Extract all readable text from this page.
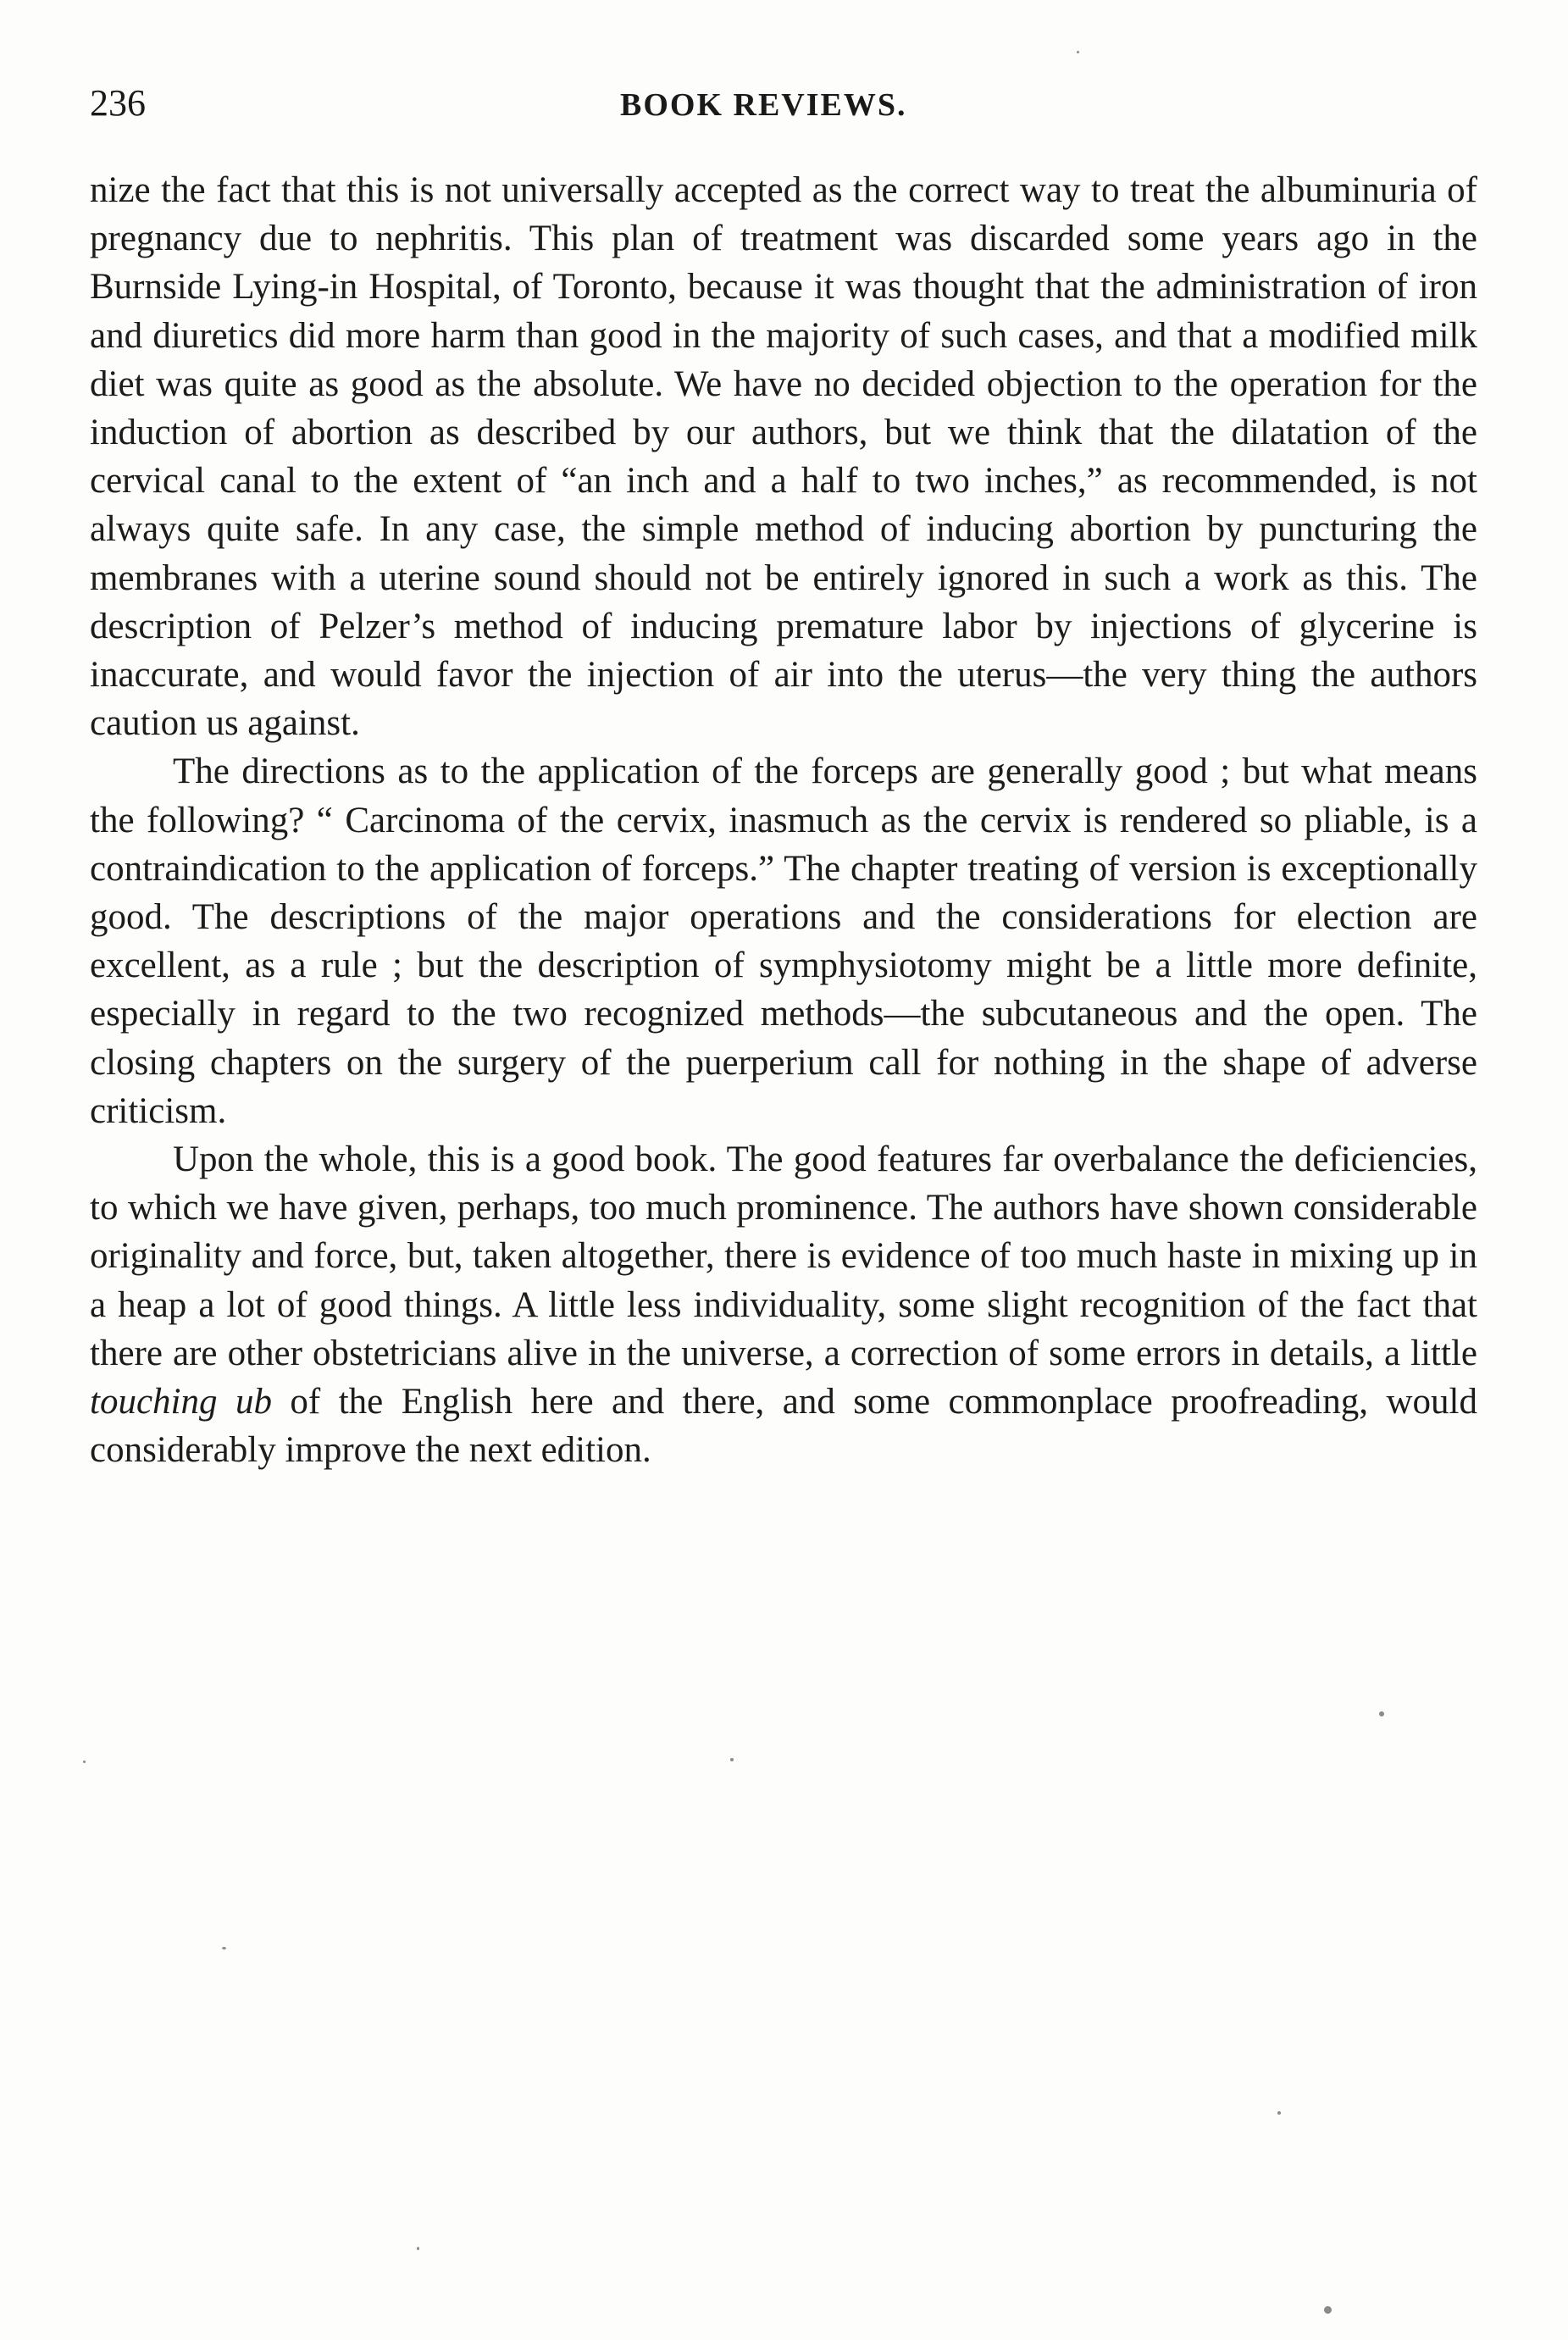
236	BOOK REVIEWS.

nize the fact that this is not universally accepted as the correct way to treat the albuminuria of pregnancy due to nephritis. This plan of treatment was discarded some years ago in the Burnside Lying-in Hospital, of Toronto, because it was thought that the administration of iron and diuretics did more harm than good in the majority of such cases, and that a modified milk diet was quite as good as the absolute. We have no decided objection to the operation for the induction of abortion as described by our authors, but we think that the dilatation of the cervical canal to the extent of “an inch and a half to two inches,” as recommended, is not always quite safe. In any case, the simple method of inducing abortion by puncturing the membranes with a uterine sound should not be entirely ignored in such a work as this. The description of Pelzer’s method of inducing premature labor by injections of glycerine is inaccurate, and would favor the injection of air into the uterus—the very thing the authors caution us against.

The directions as to the application of the forceps are generally good ; but what means the following? “ Carcinoma of the cervix, inasmuch as the cervix is rendered so pliable, is a contraindication to the application of forceps.” The chapter treating of version is exceptionally good. The descriptions of the major operations and the considerations for election are excellent, as a rule ; but the description of symphysiotomy might be a little more definite, especially in regard to the two recognized methods—the subcutaneous and the open. The closing chapters on the surgery of the puerperium call for nothing in the shape of adverse criticism.

Upon the whole, this is a good book. The good features far overbalance the deficiencies, to which we have given, perhaps, too much prominence. The authors have shown considerable originality and force, but, taken altogether, there is evidence of too much haste in mixing up in a heap a lot of good things. A little less individuality, some slight recognition of the fact that there are other obstetricians alive in the universe, a correction of some errors in details, a little touching ub of the English here and there, and some commonplace proofreading, would considerably improve the next edition.
